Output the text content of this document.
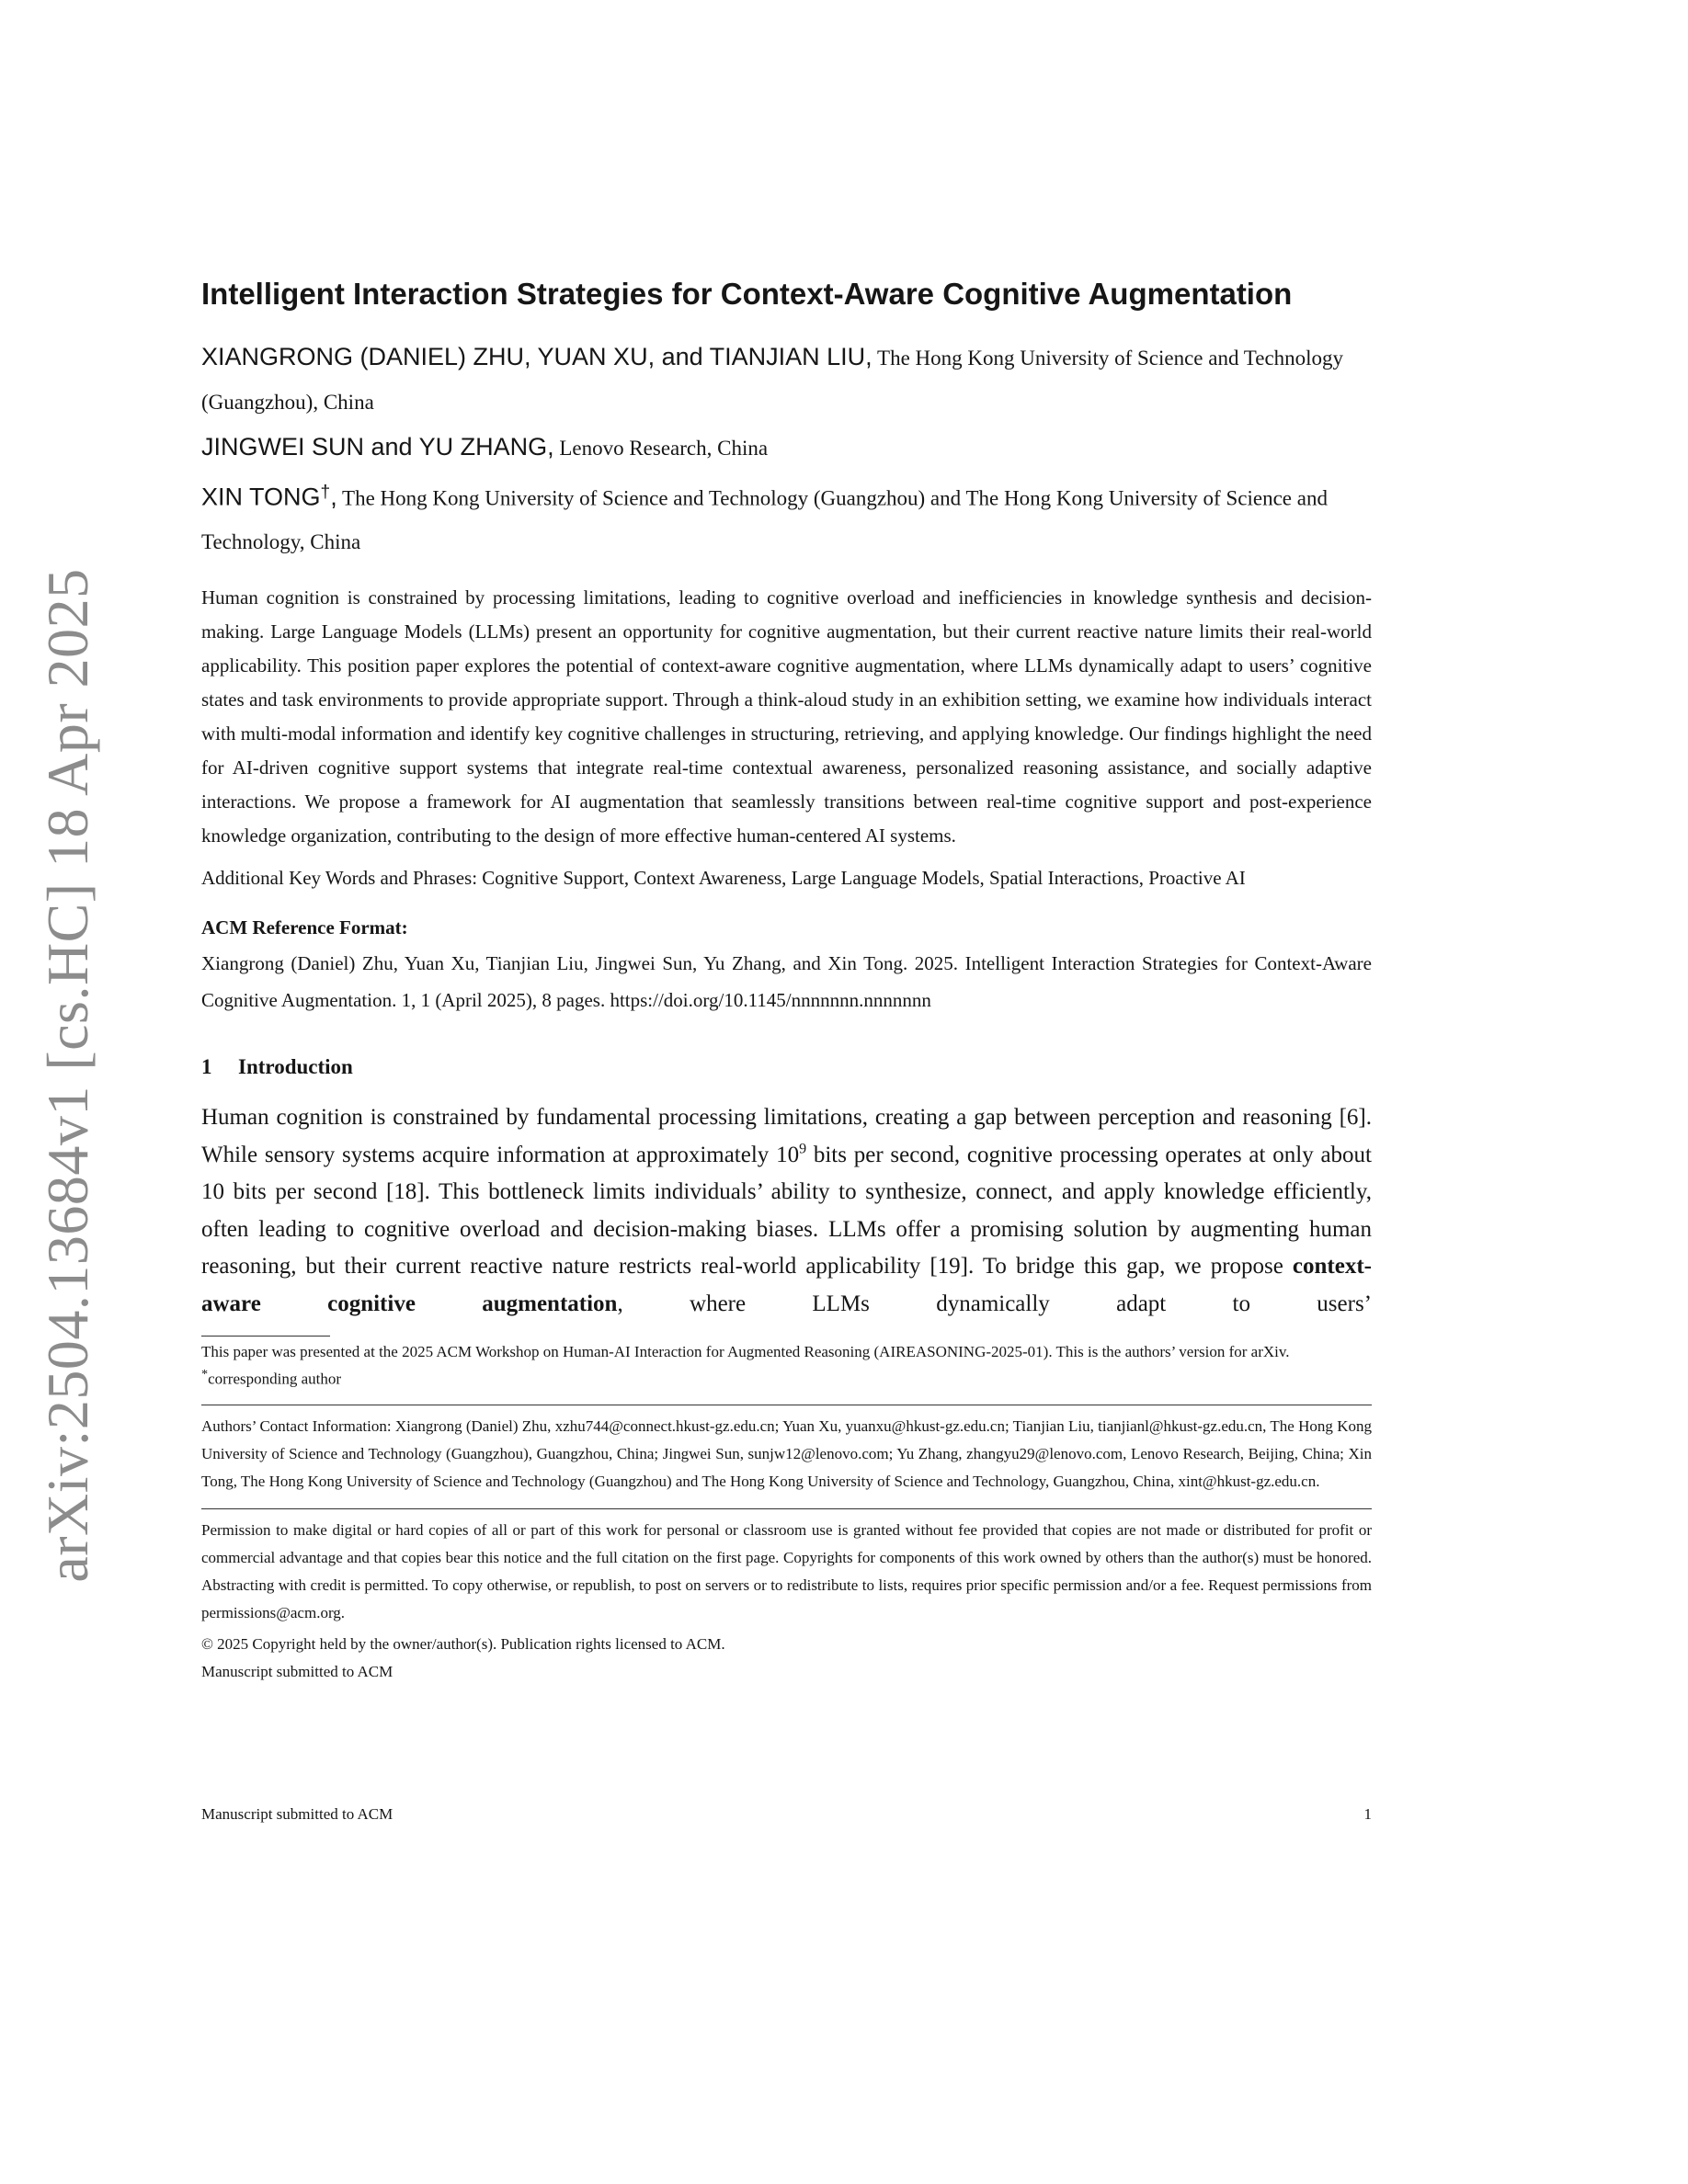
arXiv:2504.13684v1 [cs.HC] 18 Apr 2025
Intelligent Interaction Strategies for Context-Aware Cognitive Augmentation

XIANGRONG (DANIEL) ZHU, YUAN XU, and TIANJIAN LIU, The Hong Kong University of Science and Technology (Guangzhou), China

JINGWEI SUN and YU ZHANG, Lenovo Research, China

XIN TONG†, The Hong Kong University of Science and Technology (Guangzhou) and The Hong Kong University of Science and Technology, China

Human cognition is constrained by processing limitations, leading to cognitive overload and inefficiencies in knowledge synthesis and decision-making. Large Language Models (LLMs) present an opportunity for cognitive augmentation, but their current reactive nature limits their real-world applicability. This position paper explores the potential of context-aware cognitive augmentation, where LLMs dynamically adapt to users’ cognitive states and task environments to provide appropriate support. Through a think-aloud study in an exhibition setting, we examine how individuals interact with multi-modal information and identify key cognitive challenges in structuring, retrieving, and applying knowledge. Our findings highlight the need for AI-driven cognitive support systems that integrate real-time contextual awareness, personalized reasoning assistance, and socially adaptive interactions. We propose a framework for AI augmentation that seamlessly transitions between real-time cognitive support and post-experience knowledge organization, contributing to the design of more effective human-centered AI systems.

Additional Key Words and Phrases: Cognitive Support, Context Awareness, Large Language Models, Spatial Interactions, Proactive AI

ACM Reference Format:

Xiangrong (Daniel) Zhu, Yuan Xu, Tianjian Liu, Jingwei Sun, Yu Zhang, and Xin Tong. 2025. Intelligent Interaction Strategies for Context-Aware Cognitive Augmentation. 1, 1 (April 2025), 8 pages. https://doi.org/10.1145/nnnnnnn.nnnnnnn

1 Introduction

Human cognition is constrained by fundamental processing limitations, creating a gap between perception and reasoning [6]. While sensory systems acquire information at approximately $10^9$ bits per second, cognitive processing operates at only about 10 bits per second [18]. This bottleneck limits individuals’ ability to synthesize, connect, and apply knowledge efficiently, often leading to cognitive overload and decision-making biases. LLMs offer a promising solution by augmenting human reasoning, but their current reactive nature restricts real-world applicability [19]. To bridge this gap, we propose context-aware cognitive augmentation, where LLMs dynamically adapt to users’

This paper was presented at the 2025 ACM Workshop on Human-AI Interaction for Augmented Reasoning (AIREASONING-2025-01). This is the authors’ version for arXiv.

*corresponding author

Authors’ Contact Information: Xiangrong (Daniel) Zhu, xzhu744@connect.hkust-gz.edu.cn; Yuan Xu, yuanxu@hkust-gz.edu.cn; Tianjian Liu, tianjianl@hkust-gz.edu.cn, The Hong Kong University of Science and Technology (Guangzhou), Guangzhou, China; Jingwei Sun, sunjw12@lenovo.com; Yu Zhang, zhangyu29@lenovo.com, Lenovo Research, Beijing, China; Xin Tong, The Hong Kong University of Science and Technology (Guangzhou) and The Hong Kong University of Science and Technology, Guangzhou, China, xint@hkust-gz.edu.cn.

Permission to make digital or hard copies of all or part of this work for personal or classroom use is granted without fee provided that copies are not made or distributed for profit or commercial advantage and that copies bear this notice and the full citation on the first page. Copyrights for components of this work owned by others than the author(s) must be honored. Abstracting with credit is permitted. To copy otherwise, or republish, to post on servers or to redistribute to lists, requires prior specific permission and/or a fee. Request permissions from permissions@acm.org.

© 2025 Copyright held by the owner/author(s). Publication rights licensed to ACM.

Manuscript submitted to ACM

Manuscript submitted to ACM	1
